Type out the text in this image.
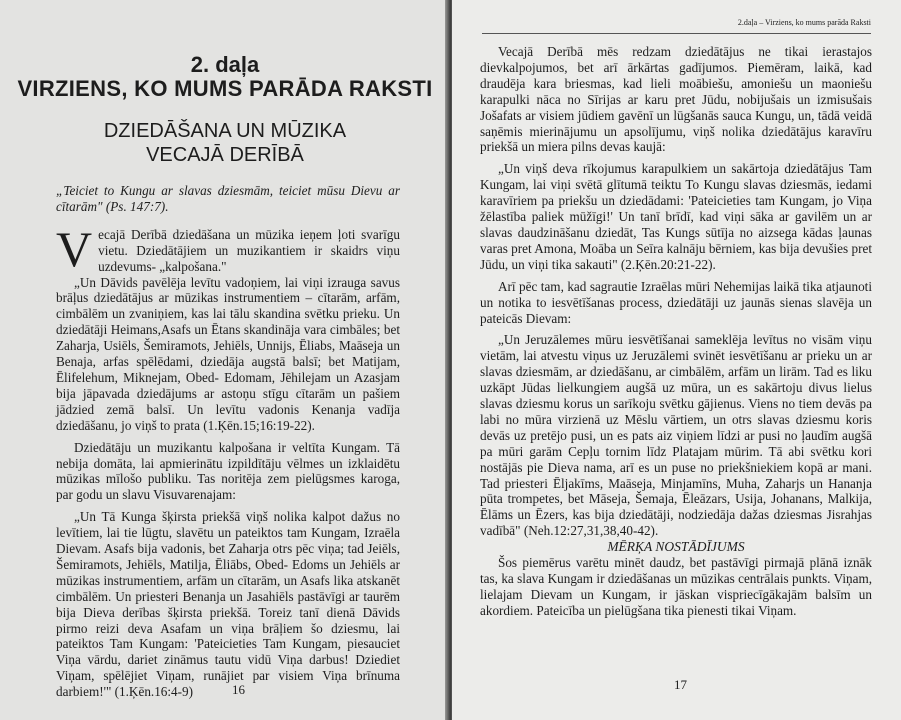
2. daļa
VIRZIENS, KO MUMS PARĀDA RAKSTI
DZIEDĀŠANA UN MŪZIKA
VECAJĀ DERĪBĀ

„Teiciet to Kungu ar slavas dziesmām, teiciet mūsu Dievu ar cītarām" (Ps. 147:7).

Vecajā Derībā dziedāšana un mūzika ieņem ļoti svarīgu vietu. Dziedātājiem un muzikantiem ir skaidrs viņu uzdevums- „kalpošana."

„Un Dāvids pavēlēja levītu vadoņiem, lai viņi izrauga savus brāļus dziedātājus ar mūzikas instrumentiem – cītarām, arfām, cimbālēm un zvaniņiem, kas lai tālu skandina svētku prieku. Un dziedātāji Heimans,Asafs un Ētans skandināja vara cimbāles; bet Zaharja, Usiēls, Šemiramots, Jehiēls, Unnijs, Ēliabs, Maāseja un Benaja, arfas spēlēdami, dziedāja augstā balsī; bet Matijam, Ēlifelehum, Miknejam, Obed- Edomam, Jēhilejam un Azasjam bija jāpavada dziedājums ar astoņu stīgu cītarām un pašiem jādzied zemā balsī. Un levītu vadonis Kenanja vadīja dziedāšanu, jo viņš to prata (1.Ķēn.15;16:19-22).

Dziedātāju un muzikantu kalpošana ir veltīta Kungam. Tā nebija domāta, lai apmierinātu izpildītāju vēlmes un izklaidētu mūzikas mīlošo publiku. Tas noritēja zem pielūgsmes karoga, par godu un slavu Visuvarenajam:

„Un Tā Kunga šķirsta priekšā viņš nolika kalpot dažus no levītiem, lai tie lūgtu, slavētu un pateiktos tam Kungam, Izraēla Dievam. Asafs bija vadonis, bet Zaharja otrs pēc viņa; tad Jeiēls, Šemiramots, Jehiēls, Matilja, Ēliābs, Obed- Edoms un Jehiēls ar mūzikas instrumentiem, arfām un cītarām, un Asafs lika atskanēt cimbālēm. Un priesteri Benanja un Jasahiēls pastāvīgi ar taurēm bija Dieva derības šķirsta priekšā. Toreiz tanī dienā Dāvids pirmo reizi deva Asafam un viņa brāļiem šo dziesmu, lai pateiktos Tam Kungam: 'Pateicieties Tam Kungam, piesauciet Viņa vārdu, dariet zināmus tautu vidū Viņa darbus! Dziediet Viņam, spēlējiet Viņam, runājiet par visiem Viņa brīnuma darbiem!'" (1.Ķēn.16:4-9)	16
2.daļa – Virziens, ko mums parāda Raksti

Vecajā Derībā mēs redzam dziedātājus ne tikai ierastajos dievkalpojumos, bet arī ārkārtas gadījumos. Piemēram, laikā, kad draudēja kara briesmas, kad lieli moābiešu, amoniešu un maoniešu karapulki nāca no Sīrijas ar karu pret Jūdu, nobijušais un izmisušais Jošafats ar visiem jūdiem gavēnī un lūgšanās sauca Kungu, un, tādā veidā saņēmis mierinājumu un apsolījumu, viņš nolika dziedātājus karavīru priekšā un miera pilns devas kaujā:

„Un viņš deva rīkojumus karapulkiem un sakārtoja dziedātājus Tam Kungam, lai viņi svētā glītumā teiktu To Kungu slavas dziesmās, iedami karavīriem pa priekšu un dziedādami: 'Pateicieties tam Kungam, jo Viņa žēlastība paliek mūžīgi!' Un tanī brīdī, kad viņi sāka ar gavilēm un ar slavas daudzināšanu dziedāt, Tas Kungs sūtīja no aizsega kādas ļaunas varas pret Amona, Moāba un Seīra kalnāju bērniem, kas bija devušies pret Jūdu, un viņi tika sakauti" (2.Ķēn.20:21-22).

Arī pēc tam, kad sagrautie Izraēlas mūri Nehemijas laikā tika atjaunoti un notika to iesvētīšanas process, dziedātāji uz jaunās sienas slavēja un pateicās Dievam:

„Un Jeruzālemes mūru iesvētīšanai sameklēja levītus no visām viņu vietām, lai atvestu viņus uz Jeruzālemi svinēt iesvētīšanu ar prieku un ar slavas dziesmām, ar dziedāšanu, ar cimbālēm, arfām un lirām. Tad es liku uzkāpt Jūdas lielkungiem augšā uz mūra, un es sakārtoju divus lielus slavas dziesmu korus un sarīkoju svētku gājienus. Viens no tiem devās pa labi no mūra virzienā uz Mēslu vārtiem, un otrs slavas dziesmu koris devās uz pretējo pusi, un es pats aiz viņiem līdzi ar pusi no ļaudīm augšā pa mūri garām Cepļu tornim līdz Platajam mūrim. Tā abi svētku kori nostājās pie Dieva nama, arī es un puse no priekšniekiem kopā ar mani. Tad priesteri Ēljakīms, Maāseja, Minjamīns, Muha, Zaharjs un Hananja pūta trompetes, bet Māseja, Šemaja, Ēleāzars, Usija, Johanans, Malkija, Ēlāms un Ēzers, kas bija dziedātāji, nodziedāja dažas dziesmas Jisrahjas vadībā" (Neh.12:27,31,38,40-42).

MĒRĶA NOSTĀDĪJUMS

Šos piemērus varētu minēt daudz, bet pastāvīgi pirmajā plānā iznāk tas, ka slava Kungam ir dziedāšanas un mūzikas centrālais punkts. Viņam, lielajam Dievam un Kungam, ir jāskan vispriecīgākajām balsīm un akordiem. Pateicība un pielūgšana tika pienesti tikai Viņam.

17
